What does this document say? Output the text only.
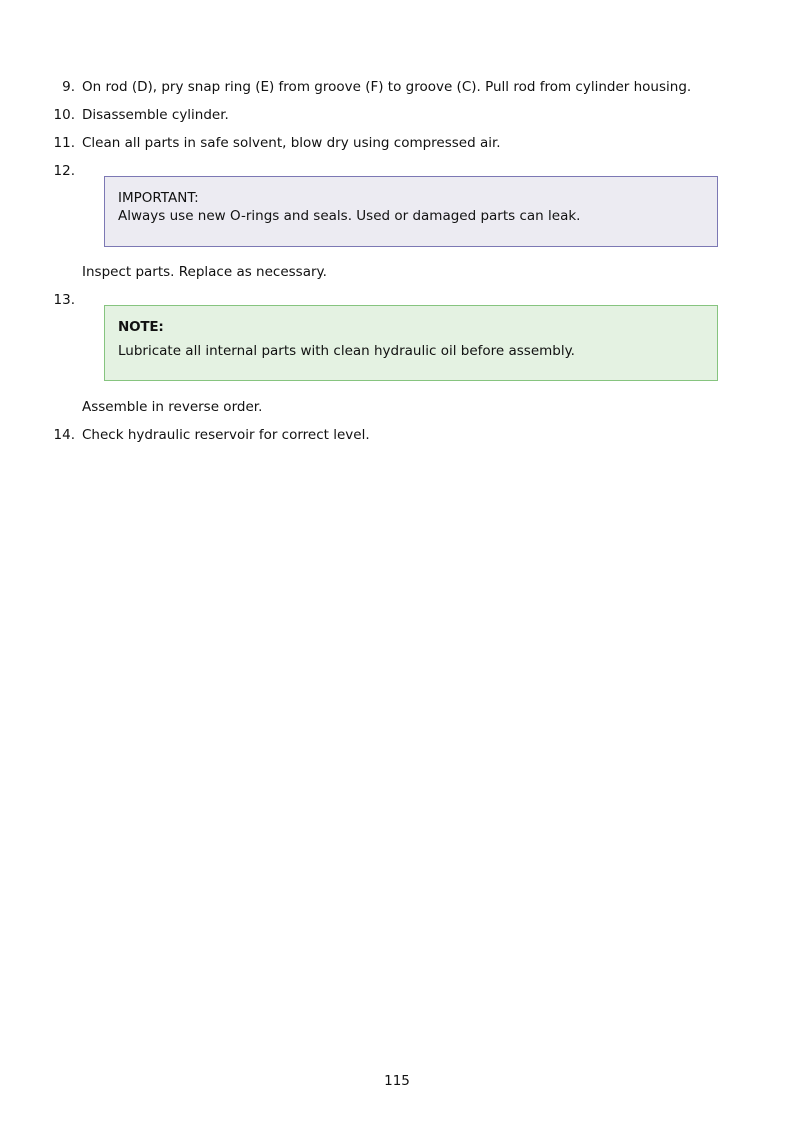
9. On rod (D), pry snap ring (E) from groove (F) to groove (C). Pull rod from cylinder housing.
10. Disassemble cylinder.
11. Clean all parts in safe solvent, blow dry using compressed air.
12.
IMPORTANT:
Always use new O-rings and seals. Used or damaged parts can leak.
Inspect parts. Replace as necessary.
13.
NOTE:
Lubricate all internal parts with clean hydraulic oil before assembly.
Assemble in reverse order.
14. Check hydraulic reservoir for correct level.
115
